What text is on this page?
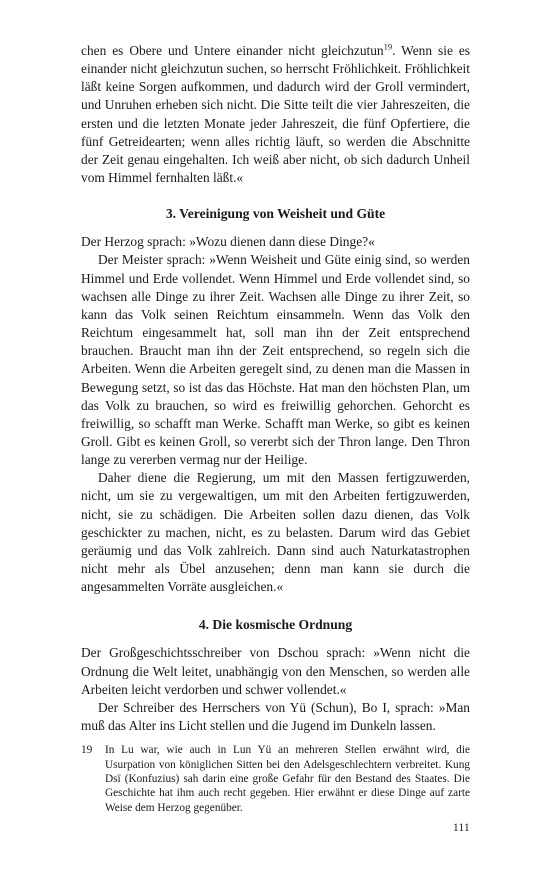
chen es Obere und Untere einander nicht gleichzutun$^{19}$. Wenn sie es einander nicht gleichzutun suchen, so herrscht Fröhlichkeit. Fröhlichkeit läßt keine Sorgen aufkommen, und dadurch wird der Groll vermindert, und Unruhen erheben sich nicht. Die Sitte teilt die vier Jahreszeiten, die ersten und die letzten Monate jeder Jahreszeit, die fünf Opfertiere, die fünf Getreidearten; wenn alles richtig läuft, so werden die Abschnitte der Zeit genau eingehalten. Ich weiß aber nicht, ob sich dadurch Unheil vom Himmel fernhalten läßt.«

3. Vereinigung von Weisheit und Güte

Der Herzog sprach: »Wozu dienen dann diese Dinge?«

Der Meister sprach: »Wenn Weisheit und Güte einig sind, so werden Himmel und Erde vollendet. Wenn Himmel und Erde vollendet sind, so wachsen alle Dinge zu ihrer Zeit. Wachsen alle Dinge zu ihrer Zeit, so kann das Volk seinen Reichtum einsammeln. Wenn das Volk den Reichtum eingesammelt hat, soll man ihn der Zeit entsprechend brauchen. Braucht man ihn der Zeit entsprechend, so regeln sich die Arbeiten. Wenn die Arbeiten geregelt sind, zu denen man die Massen in Bewegung setzt, so ist das das Höchste. Hat man den höchsten Plan, um das Volk zu brauchen, so wird es freiwillig gehorchen. Gehorcht es freiwillig, so schafft man Werke. Schafft man Werke, so gibt es keinen Groll. Gibt es keinen Groll, so vererbt sich der Thron lange. Den Thron lange zu vererben vermag nur der Heilige.

Daher diene die Regierung, um mit den Massen fertigzuwerden, nicht, um sie zu vergewaltigen, um mit den Arbeiten fertigzuwerden, nicht, sie zu schädigen. Die Arbeiten sollen dazu dienen, das Volk geschickter zu machen, nicht, es zu belasten. Darum wird das Gebiet geräumig und das Volk zahlreich. Dann sind auch Naturkatastrophen nicht mehr als Übel anzusehen; denn man kann sie durch die angesammelten Vorräte ausgleichen.«

4. Die kosmische Ordnung

Der Großgeschichtsschreiber von Dschou sprach: »Wenn nicht die Ordnung die Welt leitet, unabhängig von den Menschen, so werden alle Arbeiten leicht verdorben und schwer vollendet.«

Der Schreiber des Herrschers von Yü (Schun), Bo I, sprach: »Man muß das Alter ins Licht stellen und die Jugend im Dunkeln lassen.

19 In Lu war, wie auch in Lun Yü an mehreren Stellen erwähnt wird, die Usurpation von königlichen Sitten bei den Adelsgeschlechtern verbreitet. Kung Dsï (Konfuzius) sah darin eine große Gefahr für den Bestand des Staates. Die Geschichte hat ihm auch recht gegeben. Hier erwähnt er diese Dinge auf zarte Weise dem Herzog gegenüber.
111
